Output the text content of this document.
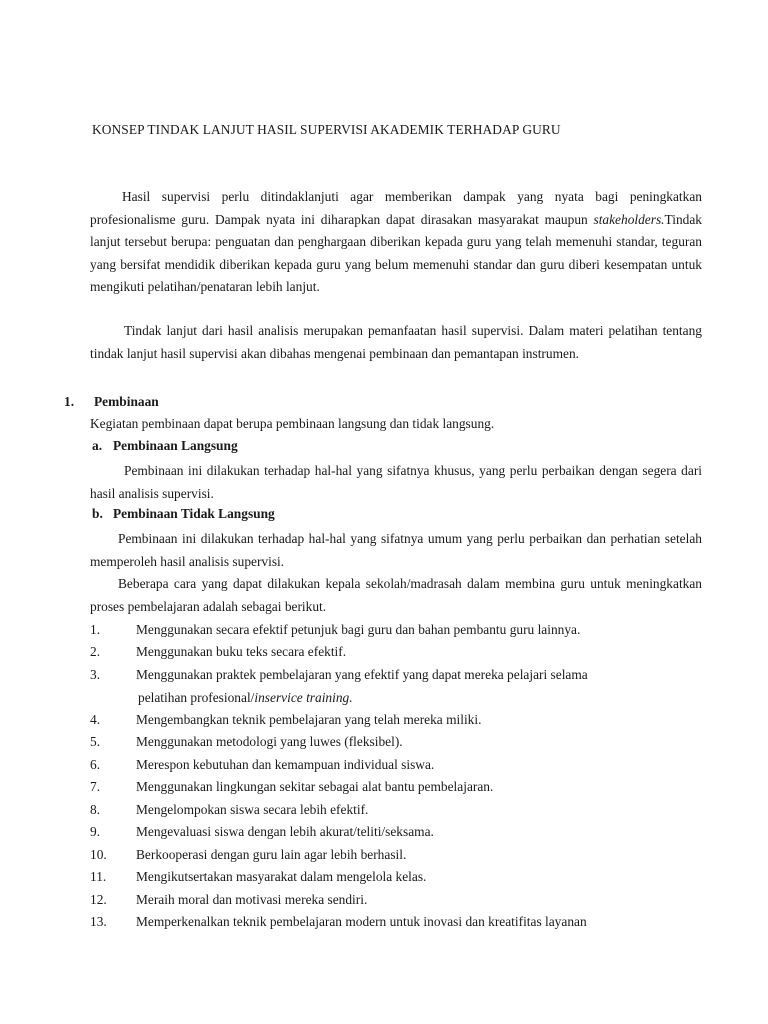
KONSEP TINDAK LANJUT HASIL SUPERVISI AKADEMIK TERHADAP GURU

Hasil supervisi perlu ditindaklanjuti agar memberikan dampak yang nyata bagi peningkatkan profesionalisme guru. Dampak nyata ini diharapkan dapat dirasakan masyarakat maupun stakeholders.Tindak lanjut tersebut berupa: penguatan dan penghargaan diberikan kepada guru yang telah memenuhi standar, teguran yang bersifat mendidik diberikan kepada guru yang belum memenuhi standar dan guru diberi kesempatan untuk mengikuti pelatihan/penataran lebih lanjut.

Tindak lanjut dari hasil analisis merupakan pemanfaatan hasil supervisi. Dalam materi pelatihan tentang tindak lanjut hasil supervisi akan dibahas mengenai pembinaan dan pemantapan instrumen.

1. Pembinaan
Kegiatan pembinaan dapat berupa pembinaan langsung dan tidak langsung.
a. Pembinaan Langsung

Pembinaan ini dilakukan terhadap hal-hal yang sifatnya khusus, yang perlu perbaikan dengan segera dari hasil analisis supervisi.

b. Pembinaan Tidak Langsung

Pembinaan ini dilakukan terhadap hal-hal yang sifatnya umum yang perlu perbaikan dan perhatian setelah memperoleh hasil analisis supervisi.

Beberapa cara yang dapat dilakukan kepala sekolah/madrasah dalam membina guru untuk meningkatkan proses pembelajaran adalah sebagai berikut.

1.	Menggunakan secara efektif petunjuk bagi guru dan bahan pembantu guru lainnya.
2.	Menggunakan buku teks secara efektif.
3.	Menggunakan praktek pembelajaran yang efektif yang dapat mereka pelajari selama
pelatihan profesional/inservice training.
4.	Mengembangkan teknik pembelajaran yang telah mereka miliki.
5.	Menggunakan metodologi yang luwes (fleksibel).
6.	Merespon kebutuhan dan kemampuan individual siswa.
7.	Menggunakan lingkungan sekitar sebagai alat bantu pembelajaran.
8.	Mengelompokan siswa secara lebih efektif.
9.	Mengevaluasi siswa dengan lebih akurat/teliti/seksama.
10. Berkooperasi dengan guru lain agar lebih berhasil.
11. Mengikutsertakan masyarakat dalam mengelola kelas.
12. Meraih moral dan motivasi mereka sendiri.
13. Memperkenalkan teknik pembelajaran modern untuk inovasi dan kreatifitas layanan
